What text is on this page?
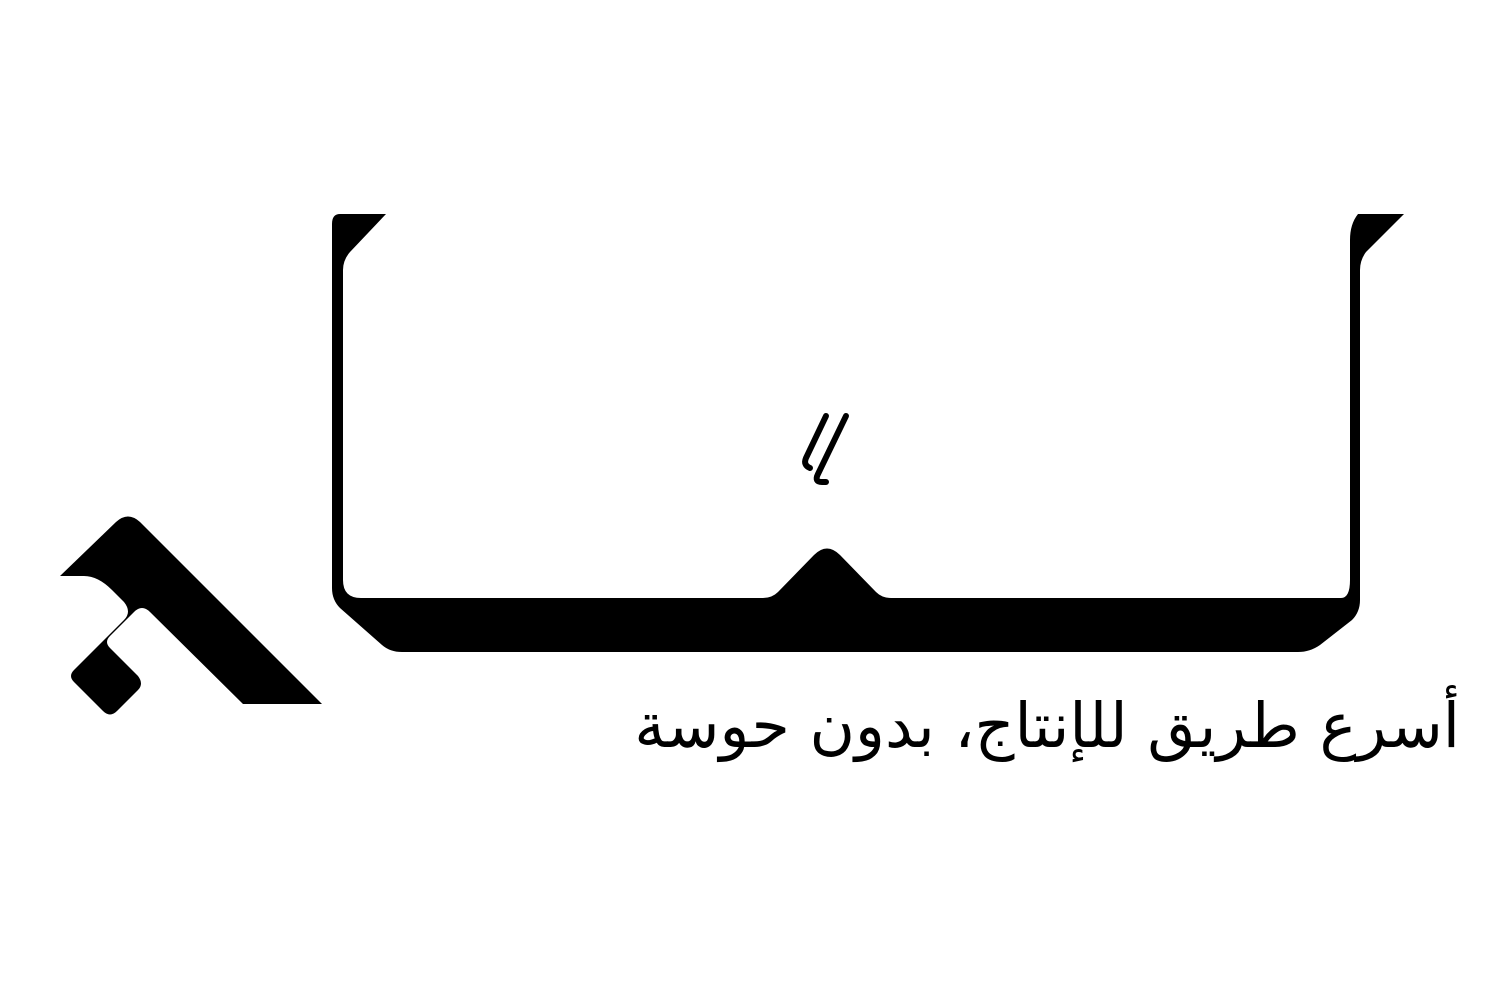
أسرع طريق للإنتاج، بدون حوسة
